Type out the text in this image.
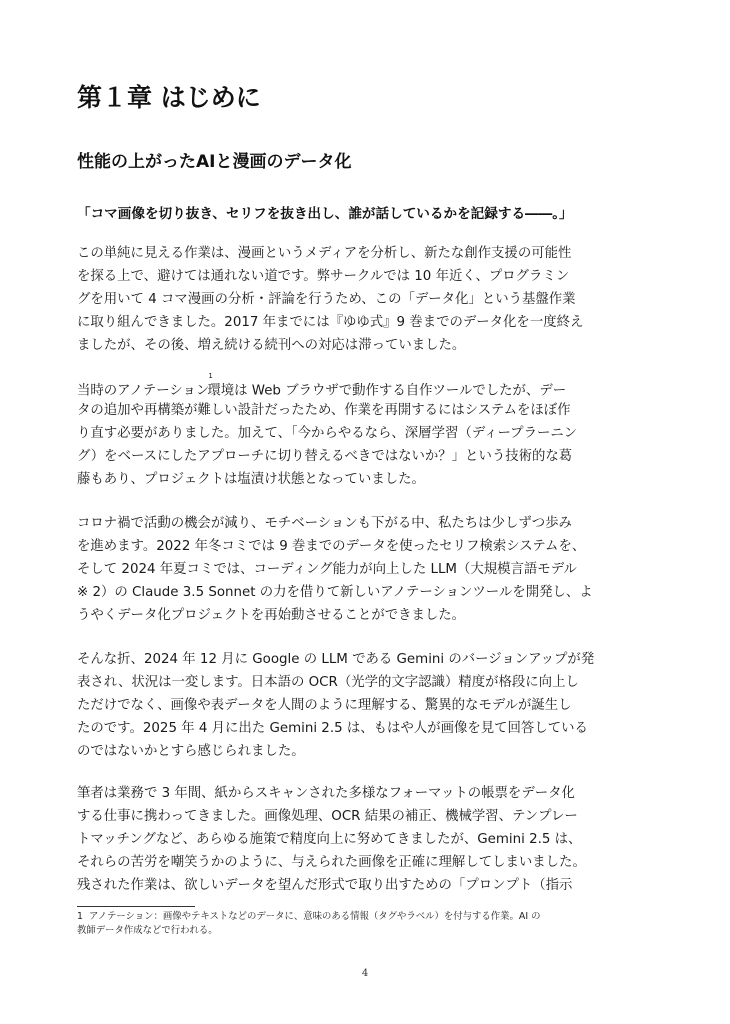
第１章 はじめに
性能の上がったAIと漫画のデータ化

「コマ画像を切り抜き、セリフを抜き出し、誰が話しているかを記録する――。」

この単純に見える作業は、漫画というメディアを分析し、新たな創作支援の可能性
を探る上で、避けては通れない道です。弊サークルでは 10 年近く、プログラミン
グを用いて 4 コマ漫画の分析・評論を行うため、この「データ化」という基盤作業
に取り組んできました。2017 年までには『ゆゆ式』9 巻までのデータ化を一度終え
ましたが、その後、増え続ける続刊への対応は滞っていました。

当時のアノテーション$^1$環境は Web ブラウザで動作する自作ツールでしたが、デー
タの追加や再構築が難しい設計だったため、作業を再開するにはシステムをほぼ作
り直す必要がありました。加えて、「今からやるなら、深層学習（ディープラーニン
グ）をベースにしたアプローチに切り替えるべきではないか？」という技術的な葛
藤もあり、プロジェクトは塩漬け状態となっていました。

コロナ禍で活動の機会が減り、モチベーションも下がる中、私たちは少しずつ歩み
を進めます。2022 年冬コミでは 9 巻までのデータを使ったセリフ検索システムを、
そして 2024 年夏コミでは、コーディング能力が向上した LLM（大規模言語モデル
※ 2）の Claude 3.5 Sonnet の力を借りて新しいアノテーションツールを開発し、よ
うやくデータ化プロジェクトを再始動させることができました。

そんな折、2024 年 12 月に Google の LLM である Gemini のバージョンアップが発
表され、状況は一変します。日本語の OCR（光学的文字認識）精度が格段に向上し
ただけでなく、画像や表データを人間のように理解する、驚異的なモデルが誕生し
たのです。2025 年 4 月に出た Gemini 2.5 は、もはや人が画像を見て回答している
のではないかとすら感じられました。

筆者は業務で 3 年間、紙からスキャンされた多様なフォーマットの帳票をデータ化
する仕事に携わってきました。画像処理、OCR 結果の補正、機械学習、テンプレー
トマッチングなど、あらゆる施策で精度向上に努めてきましたが、Gemini 2.5 は、
それらの苦労を嘲笑うかのように、与えられた画像を正確に理解してしまいました。
残された作業は、欲しいデータを望んだ形式で取り出すための「プロンプト（指示

1 アノテーション：画像やテキストなどのデータに、意味のある情報（タグやラベル）を付与する作業。AI の
教師データ作成などで行われる。
4
